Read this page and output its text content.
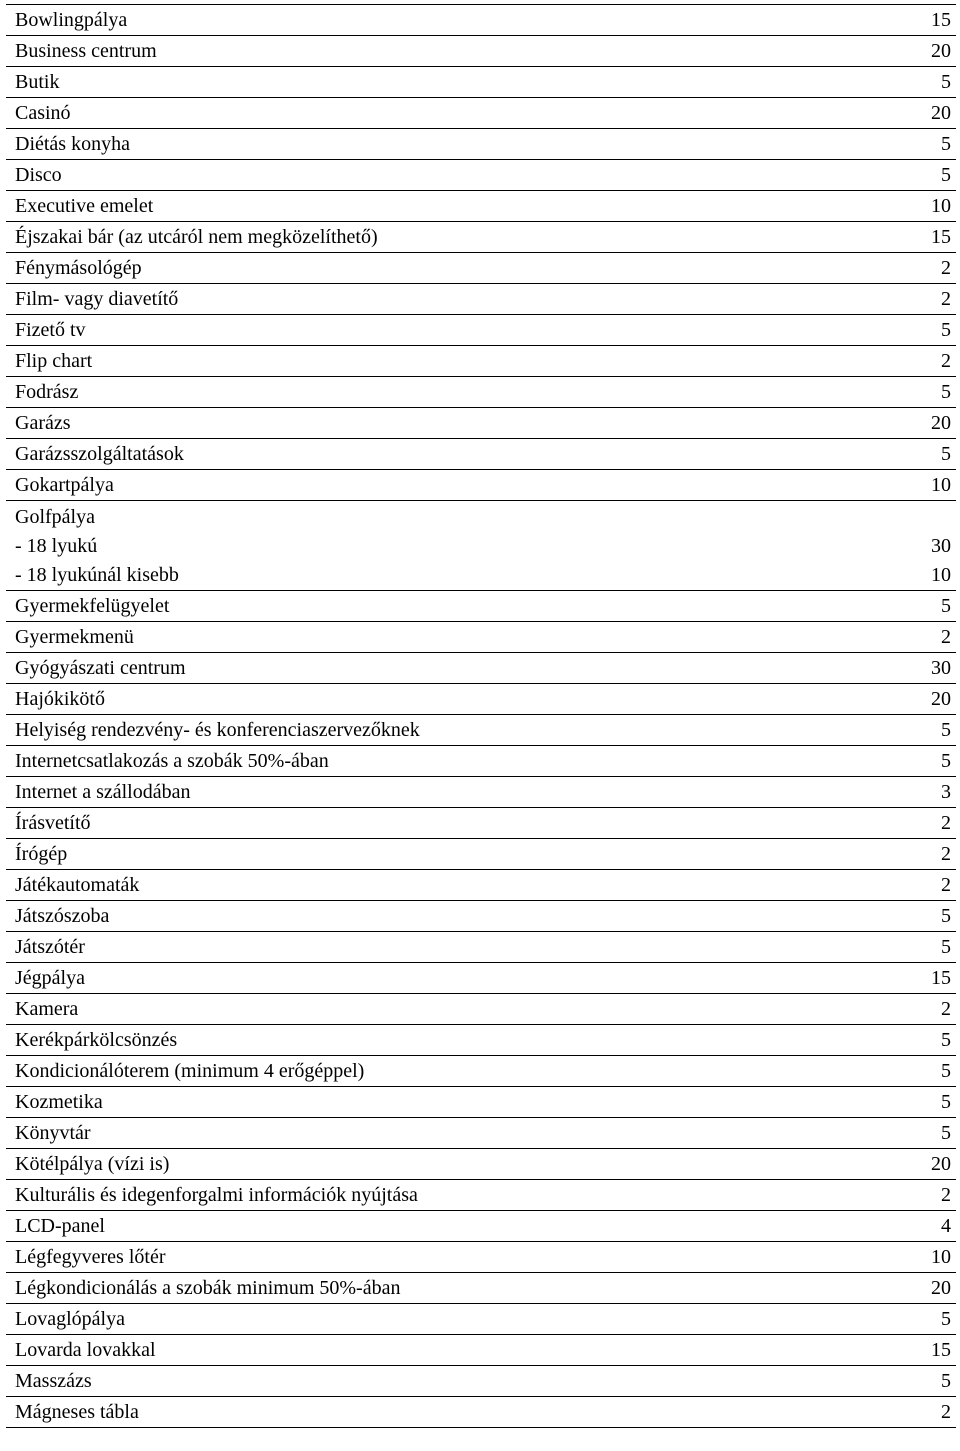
Bowlingpálya	15
Business centrum	20
Butik	5
Casinó	20
Diétás konyha	5
Disco	5
Executive emelet	10
Éjszakai bár (az utcáról nem megközelíthető)	15
Fénymásológép	2
Film- vagy diavetítő	2
Fizető tv	5
Flip chart	2
Fodrász	5
Garázs	20
Garázsszolgáltatások	5
Gokartpálya	10
Golfpálya	
- 18 lyukú	30
- 18 lyukúnál kisebb	10
Gyermekfelügyelet	5
Gyermekmenü	2
Gyógyászati centrum	30
Hajókikötő	20
Helyiség rendezvény- és konferenciaszervezőknek	5
Internetcsatlakozás a szobák 50%-ában	5
Internet a szállodában	3
Írásvetítő	2
Írógép	2
Játékautomaták	2
Játszószoba	5
Játszótér	5
Jégpálya	15
Kamera	2
Kerékpárkölcsönzés	5
Kondicionálóterem (minimum 4 erőgéppel)	5
Kozmetika	5
Könyvtár	5
Kötélpálya (vízi is)	20
Kulturális és idegenforgalmi információk nyújtása	2
LCD-panel	4
Légfegyveres lőtér	10
Légkondicionálás a szobák minimum 50%-ában	20
Lovaglópálya	5
Lovarda lovakkal	15
Masszázs	5
Mágneses tábla	2
